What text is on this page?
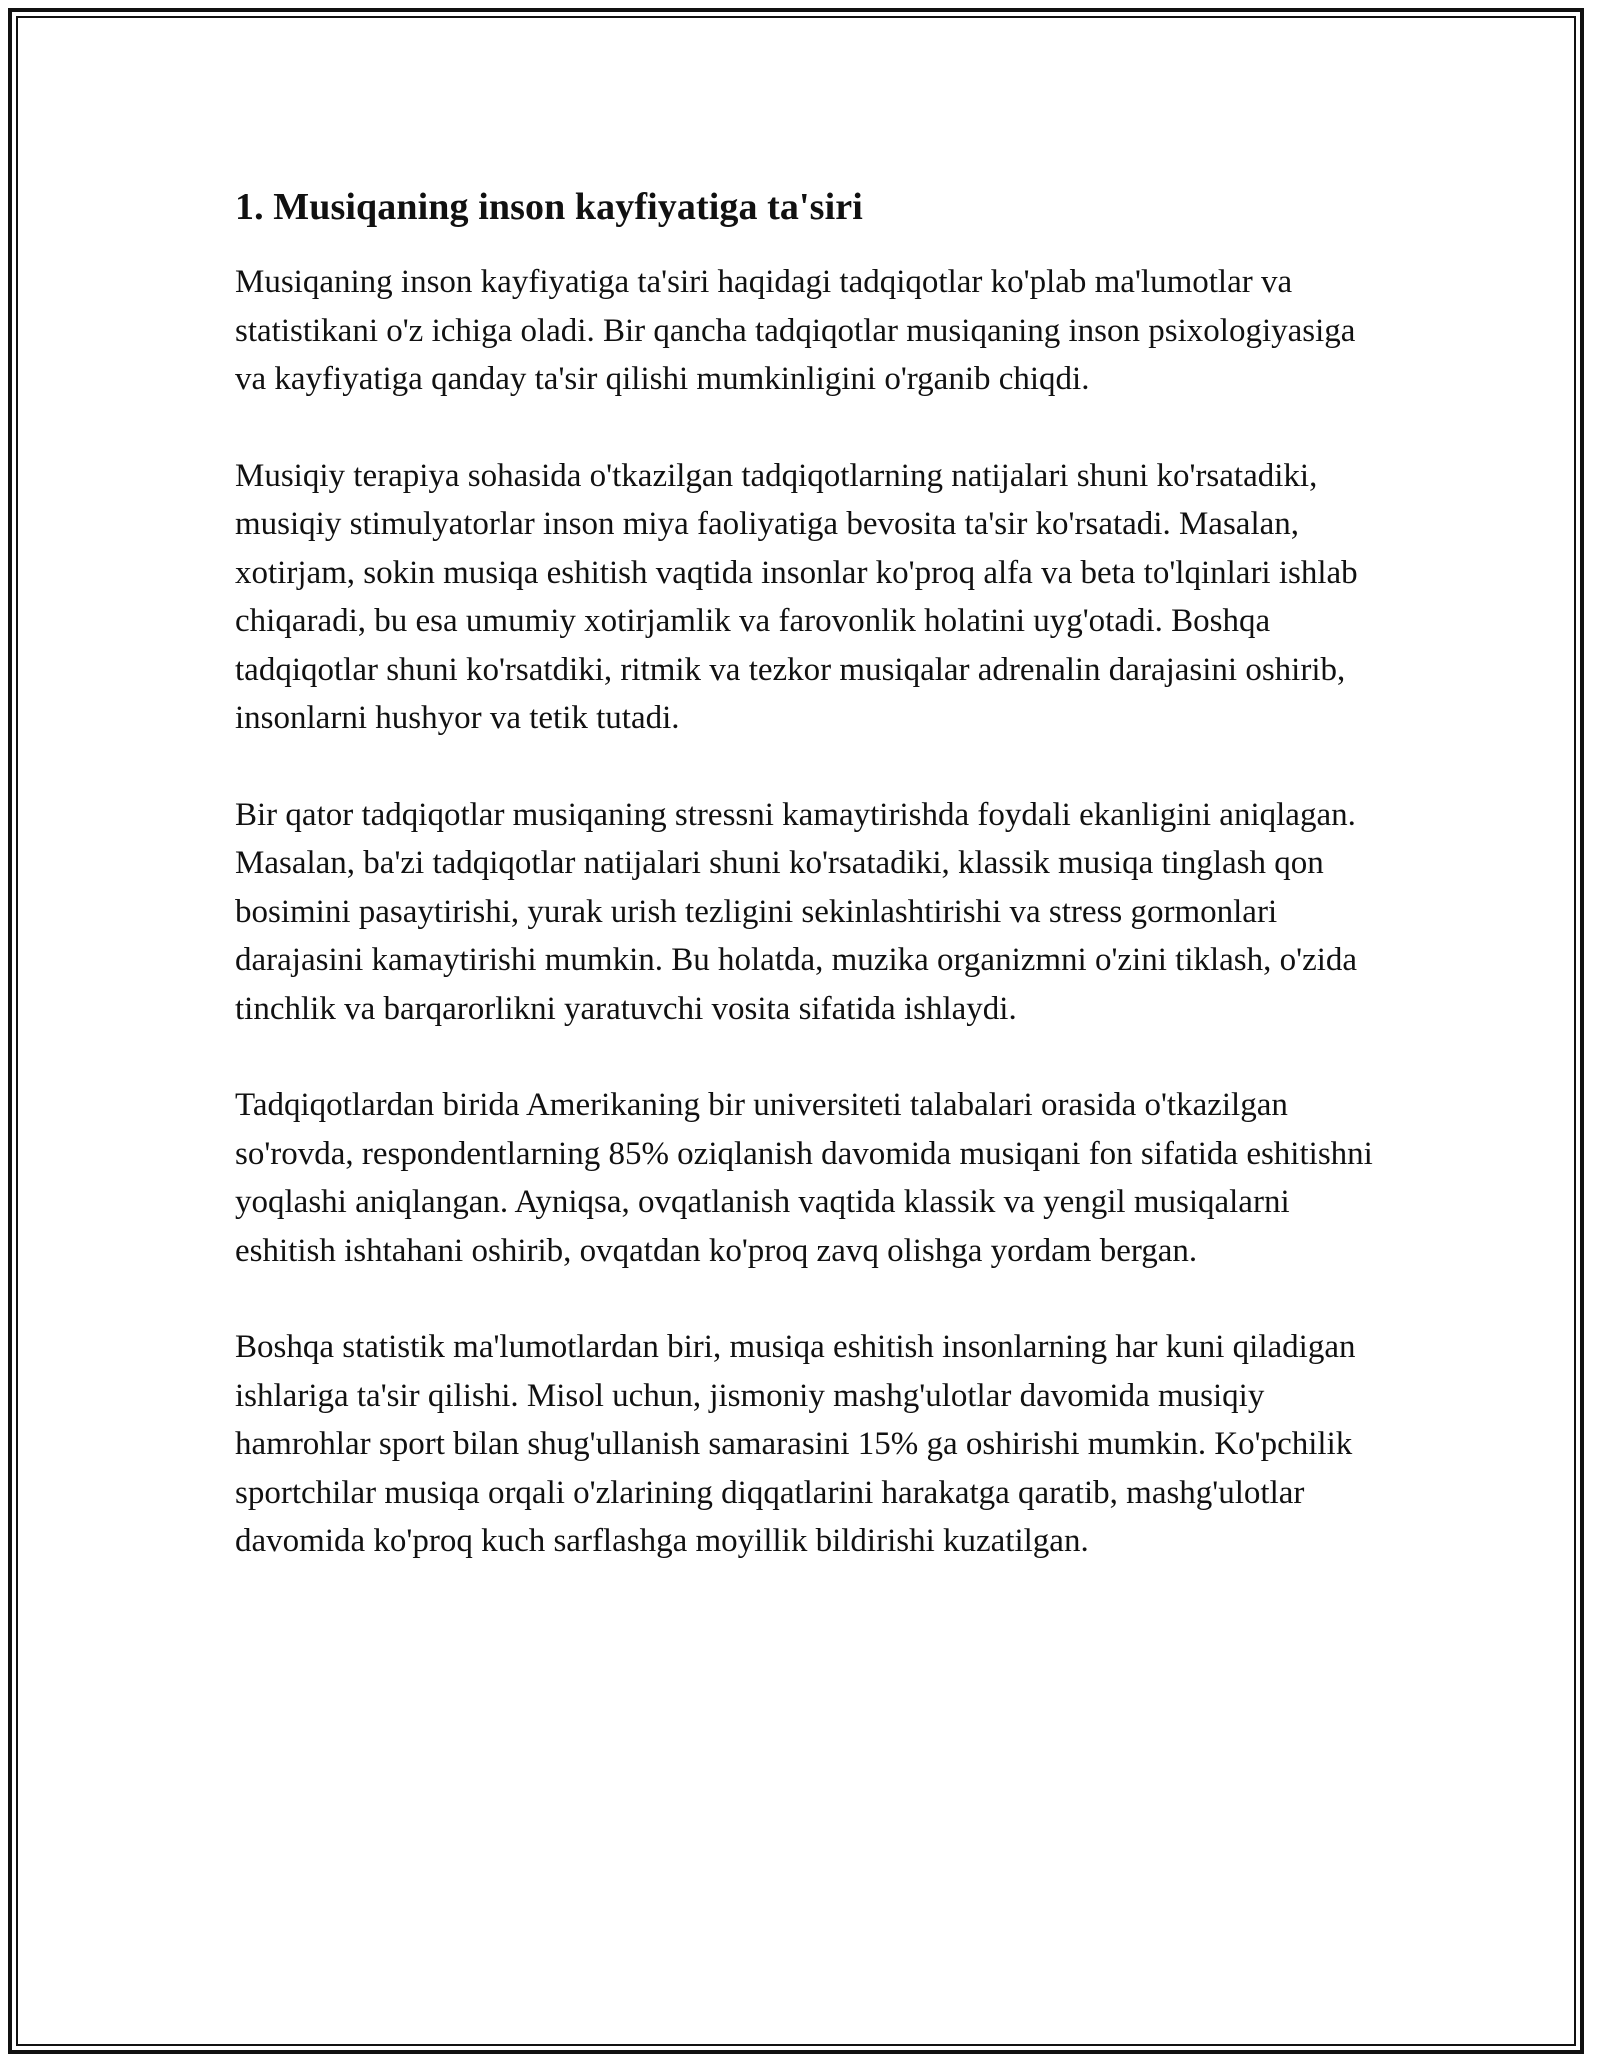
1. Musiqaning inson kayfiyatiga ta'siri

Musiqaning inson kayfiyatiga ta'siri haqidagi tadqiqotlar ko'plab ma'lumotlar va statistikani o'z ichiga oladi. Bir qancha tadqiqotlar musiqaning inson psixologiyasiga va kayfiyatiga qanday ta'sir qilishi mumkinligini o'rganib chiqdi.

Musiqiy terapiya sohasida o'tkazilgan tadqiqotlarning natijalari shuni ko'rsatadiki, musiqiy stimulyatorlar inson miya faoliyatiga bevosita ta'sir ko'rsatadi. Masalan, xotirjam, sokin musiqa eshitish vaqtida insonlar ko'proq alfa va beta to'lqinlari ishlab chiqaradi, bu esa umumiy xotirjamlik va farovonlik holatini uyg'otadi. Boshqa tadqiqotlar shuni ko'rsatdiki, ritmik va tezkor musiqalar adrenalin darajasini oshirib, insonlarni hushyor va tetik tutadi.

Bir qator tadqiqotlar musiqaning stressni kamaytirishda foydali ekanligini aniqlagan. Masalan, ba'zi tadqiqotlar natijalari shuni ko'rsatadiki, klassik musiqa tinglash qon bosimini pasaytirishi, yurak urish tezligini sekinlashtirishi va stress gormonlari darajasini kamaytirishi mumkin. Bu holatda, muzika organizmni o'zini tiklash, o'zida tinchlik va barqarorlikni yaratuvchi vosita sifatida ishlaydi.

Tadqiqotlardan birida Amerikaning bir universiteti talabalari orasida o'tkazilgan so'rovda, respondentlarning 85% oziqlanish davomida musiqani fon sifatida eshitishni yoqlashi aniqlangan. Ayniqsa, ovqatlanish vaqtida klassik va yengil musiqalarni eshitish ishtahani oshirib, ovqatdan ko'proq zavq olishga yordam bergan.

Boshqa statistik ma'lumotlardan biri, musiqa eshitish insonlarning har kuni qiladigan ishlariga ta'sir qilishi. Misol uchun, jismoniy mashg'ulotlar davomida musiqiy hamrohlar sport bilan shug'ullanish samarasini 15% ga oshirishi mumkin. Ko'pchilik sportchilar musiqa orqali o'zlarining diqqatlarini harakatga qaratib, mashg'ulotlar davomida ko'proq kuch sarflashga moyillik bildirishi kuzatilgan.
